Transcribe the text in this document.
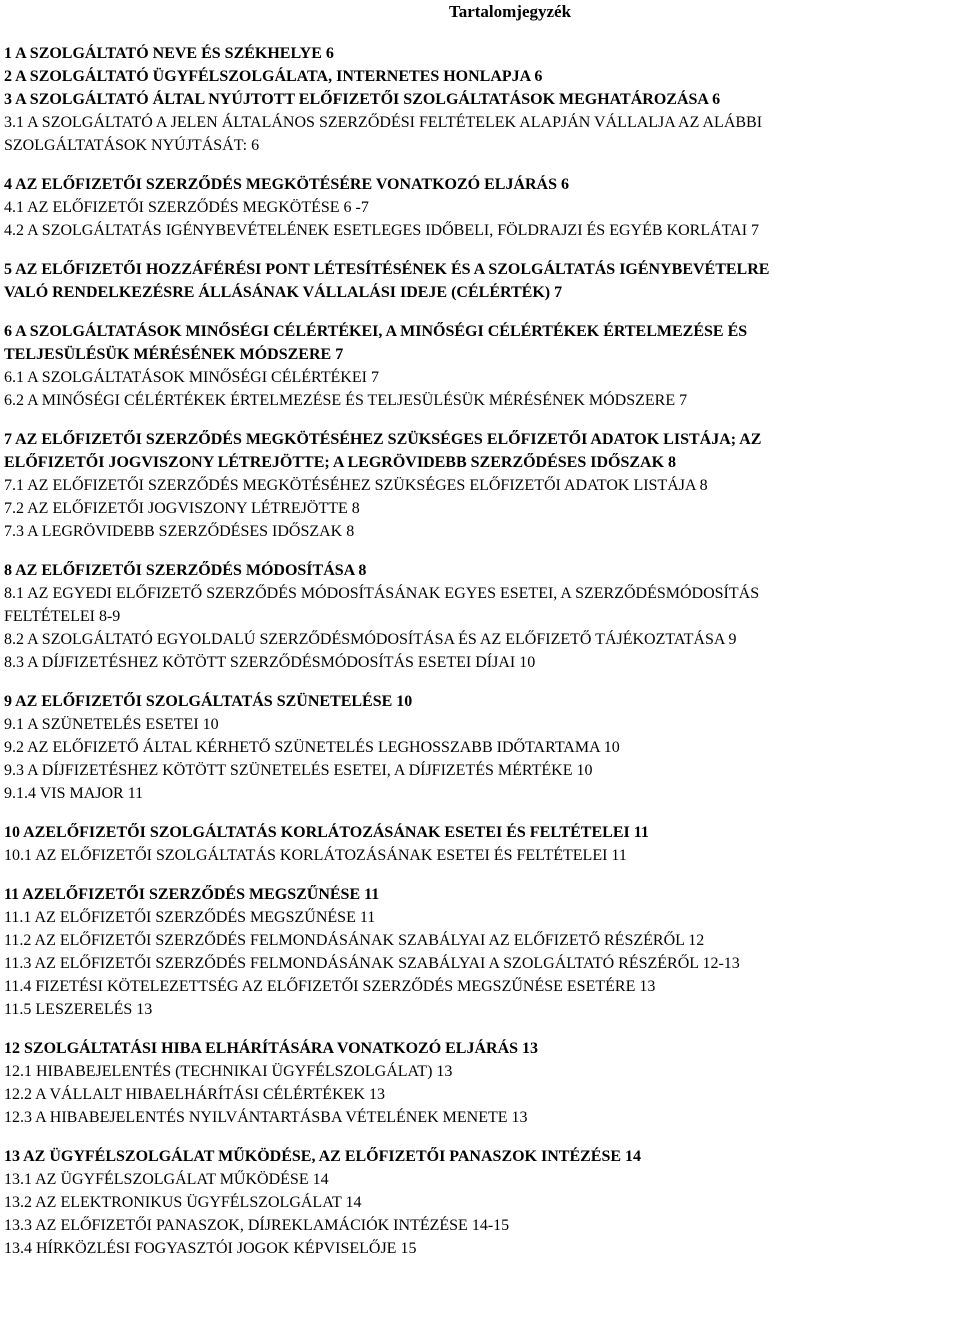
Tartalomjegyzék
1 A SZOLGÁLTATÓ NEVE ÉS SZÉKHELYE 6
2 A SZOLGÁLTATÓ ÜGYFÉLSZOLGÁLATA, INTERNETES HONLAPJA 6
3 A SZOLGÁLTATÓ ÁLTAL NYÚJTOTT ELŐFIZETŐI SZOLGÁLTATÁSOK MEGHATÁROZÁSA 6
3.1 A SZOLGÁLTATÓ A JELEN ÁLTALÁNOS SZERZŐDÉSI FELTÉTELEK ALAPJÁN VÁLLALJA AZ ALÁBBI
SZOLGÁLTATÁSOK NYÚJTÁSÁT: 6
4 AZ ELŐFIZETŐI SZERZŐDÉS MEGKÖTÉSÉRE VONATKOZÓ ELJÁRÁS 6
4.1 AZ ELŐFIZETŐI SZERZŐDÉS MEGKÖTÉSE 6 -7
4.2 A SZOLGÁLTATÁS IGÉNYBEVÉTELÉNEK ESETLEGES IDŐBELI, FÖLDRAJZI ÉS EGYÉB KORLÁTAI 7
5 AZ ELŐFIZETŐI HOZZÁFÉRÉSI PONT LÉTESÍTÉSÉNEK ÉS A SZOLGÁLTATÁS IGÉNYBEVÉTELRE
VALÓ RENDELKEZÉSRE ÁLLÁSÁNAK VÁLLALÁSI IDEJE (CÉLÉRTÉK) 7
6 A SZOLGÁLTATÁSOK MINŐSÉGI CÉLÉRTÉKEI, A MINŐSÉGI CÉLÉRTÉKEK ÉRTELMEZÉSE ÉS
TELJESÜLÉSÜK MÉRÉSÉNEK MÓDSZERE 7
6.1 A SZOLGÁLTATÁSOK MINŐSÉGI CÉLÉRTÉKEI 7
6.2 A MINŐSÉGI CÉLÉRTÉKEK ÉRTELMEZÉSE ÉS TELJESÜLÉSÜK MÉRÉSÉNEK MÓDSZERE 7
7 AZ ELŐFIZETŐI SZERZŐDÉS MEGKÖTÉSÉHEZ SZÜKSÉGES ELŐFIZETŐI ADATOK LISTÁJA; AZ
ELŐFIZETŐI JOGVISZONY LÉTREJÖTTE; A LEGRÖVIDEBB SZERZŐDÉSES IDŐSZAK 8
7.1 AZ ELŐFIZETŐI SZERZŐDÉS MEGKÖTÉSÉHEZ SZÜKSÉGES ELŐFIZETŐI ADATOK LISTÁJA 8
7.2 AZ ELŐFIZETŐI JOGVISZONY LÉTREJÖTTE 8
7.3 A LEGRÖVIDEBB SZERZŐDÉSES IDŐSZAK 8
8 AZ ELŐFIZETŐI SZERZŐDÉS MÓDOSÍTÁSA 8
8.1 AZ EGYEDI ELŐFIZETŐ SZERZŐDÉS MÓDOSÍTÁSÁNAK EGYES ESETEI, A SZERZŐDÉSMÓDOSÍTÁS
FELTÉTELEI 8-9
8.2 A SZOLGÁLTATÓ EGYOLDALÚ SZERZŐDÉSMÓDOSÍTÁSA ÉS AZ ELŐFIZETŐ TÁJÉKOZTATÁSA 9
8.3 A DÍJFIZETÉSHEZ KÖTÖTT SZERZŐDÉSMÓDOSÍTÁS ESETEI DÍJAI 10
9 AZ ELŐFIZETŐI SZOLGÁLTATÁS SZÜNETELÉSE 10
9.1 A SZÜNETELÉS ESETEI 10
9.2 AZ ELŐFIZETŐ ÁLTAL KÉRHETŐ SZÜNETELÉS LEGHOSSZABB IDŐTARTAMA 10
9.3 A DÍJFIZETÉSHEZ KÖTÖTT SZÜNETELÉS ESETEI, A DÍJFIZETÉS MÉRTÉKE 10
9.1.4 VIS MAJOR 11
10 AZELŐFIZETŐI SZOLGÁLTATÁS KORLÁTOZÁSÁNAK ESETEI ÉS FELTÉTELEI 11
10.1 AZ ELŐFIZETŐI SZOLGÁLTATÁS KORLÁTOZÁSÁNAK ESETEI ÉS FELTÉTELEI 11
11 AZELŐFIZETŐI SZERZŐDÉS MEGSZŰNÉSE 11
11.1 AZ ELŐFIZETŐI SZERZŐDÉS MEGSZŰNÉSE 11
11.2 AZ ELŐFIZETŐI SZERZŐDÉS FELMONDÁSÁNAK SZABÁLYAI AZ ELŐFIZETŐ RÉSZÉRŐL 12
11.3 AZ ELŐFIZETŐI SZERZŐDÉS FELMONDÁSÁNAK SZABÁLYAI A SZOLGÁLTATÓ RÉSZÉRŐL 12-13
11.4 FIZETÉSI KÖTELEZETTSÉG AZ ELŐFIZETŐI SZERZŐDÉS MEGSZŰNÉSE ESETÉRE 13
11.5 LESZERELÉS 13
12 SZOLGÁLTATÁSI HIBA ELHÁRÍTÁSÁRA VONATKOZÓ ELJÁRÁS 13
12.1 HIBABEJELENTÉS (TECHNIKAI ÜGYFÉLSZOLGÁLAT) 13
12.2 A VÁLLALT HIBAELHÁRÍTÁSI CÉLÉRTÉKEK 13
12.3 A HIBABEJELENTÉS NYILVÁNTARTÁSBA VÉTELÉNEK MENETE 13
13 AZ ÜGYFÉLSZOLGÁLAT MŰKÖDÉSE, AZ ELŐFIZETŐI PANASZOK INTÉZÉSE 14
13.1 AZ ÜGYFÉLSZOLGÁLAT MŰKÖDÉSE 14
13.2 AZ ELEKTRONIKUS ÜGYFÉLSZOLGÁLAT 14
13.3 AZ ELŐFIZETŐI PANASZOK, DÍJREKLAMÁCIÓK INTÉZÉSE 14-15
13.4 HÍRKÖZLÉSI FOGYASZTÓI JOGOK KÉPVISELŐJE 15
